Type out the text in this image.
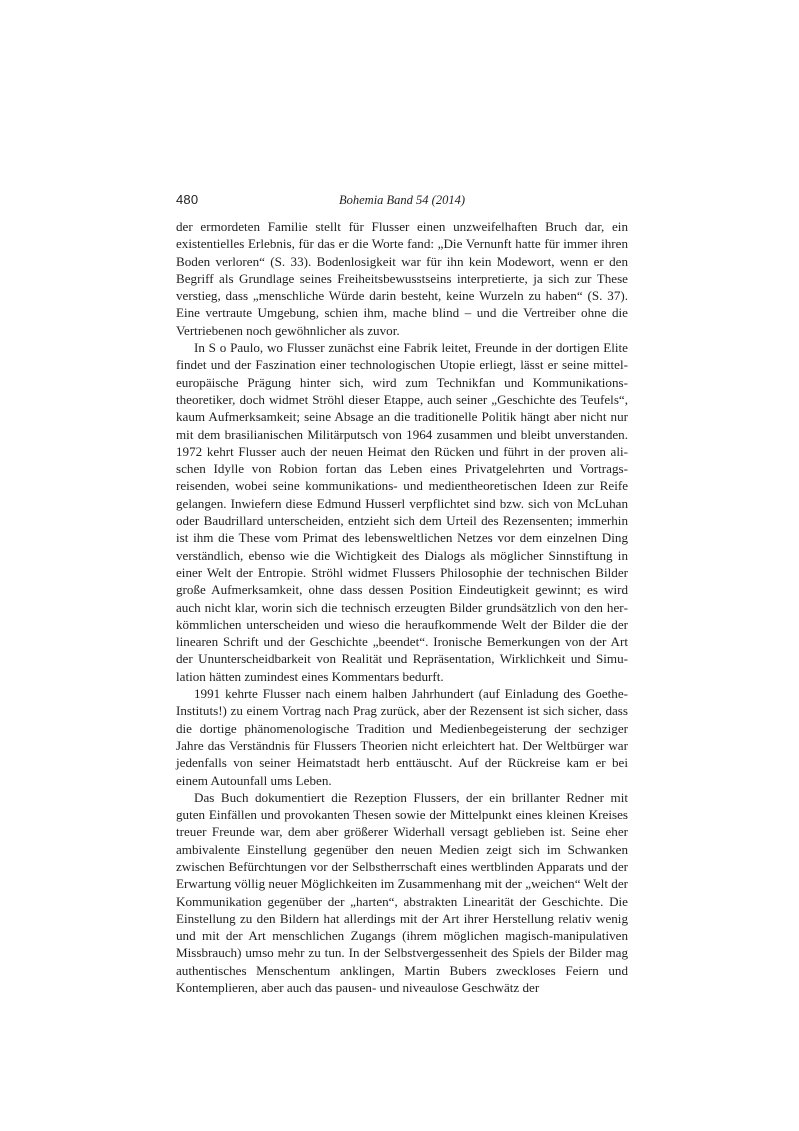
480	Bohemia Band 54 (2014)

der ermordeten Familie stellt für Flusser einen unzweifelhaften Bruch dar, ein existentielles Erlebnis, für das er die Worte fand: „Die Vernunft hatte für immer ihren Boden verloren“ (S. 33). Bodenlosigkeit war für ihn kein Modewort, wenn er den Begriff als Grundlage seines Freiheitsbewusstseins interpretierte, ja sich zur These verstieg, dass „menschliche Würde darin besteht, keine Wurzeln zu haben“ (S. 37). Eine vertraute Umgebung, schien ihm, mache blind – und die Vertreiber ohne die Vertriebenen noch gewöhnlicher als zuvor.

In S o Paulo, wo Flusser zunächst eine Fabrik leitet, Freunde in der dortigen Elite findet und der Faszination einer technologischen Utopie erliegt, lässt er seine mitteleuropäische Prägung hinter sich, wird zum Technikfan und Kommunikationstheoretiker, doch widmet Ströhl dieser Etappe, auch seiner „Geschichte des Teufels“, kaum Aufmerksamkeit; seine Absage an die traditionelle Politik hängt aber nicht nur mit dem brasilianischen Militärputsch von 1964 zusammen und bleibt unverstanden. 1972 kehrt Flusser auch der neuen Heimat den Rücken und führt in der proven alischen Idylle von Robion fortan das Leben eines Privatgelehrten und Vortragsreisenden, wobei seine kommunikations- und medientheoretischen Ideen zur Reife gelangen. Inwiefern diese Edmund Husserl verpflichtet sind bzw. sich von McLuhan oder Baudrillard unterscheiden, entzieht sich dem Urteil des Rezensenten; immerhin ist ihm die These vom Primat des lebensweltlichen Netzes vor dem einzelnen Ding verständlich, ebenso wie die Wichtigkeit des Dialogs als möglicher Sinnstiftung in einer Welt der Entropie. Ströhl widmet Flussers Philosophie der technischen Bilder große Aufmerksamkeit, ohne dass dessen Position Eindeutigkeit gewinnt; es wird auch nicht klar, worin sich die technisch erzeugten Bilder grundsätzlich von den herkömmlichen unterscheiden und wieso die heraufkommende Welt der Bilder die der linearen Schrift und der Geschichte „beendet“. Ironische Bemerkungen von der Art der Ununterscheidbarkeit von Realität und Repräsentation, Wirklichkeit und Simulation hätten zumindest eines Kommentars bedurft.

1991 kehrte Flusser nach einem halben Jahrhundert (auf Einladung des Goethe-Instituts!) zu einem Vortrag nach Prag zurück, aber der Rezensent ist sich sicher, dass die dortige phänomenologische Tradition und Medienbegeisterung der sechziger Jahre das Verständnis für Flussers Theorien nicht erleichtert hat. Der Weltbürger war jedenfalls von seiner Heimatstadt herb enttäuscht. Auf der Rückreise kam er bei einem Autounfall ums Leben.

Das Buch dokumentiert die Rezeption Flussers, der ein brillanter Redner mit guten Einfällen und provokanten Thesen sowie der Mittelpunkt eines kleinen Kreises treuer Freunde war, dem aber größerer Widerhall versagt geblieben ist. Seine eher ambivalente Einstellung gegenüber den neuen Medien zeigt sich im Schwanken zwischen Befürchtungen vor der Selbstherrschaft eines wertblinden Apparats und der Erwartung völlig neuer Möglichkeiten im Zusammenhang mit der „weichen“ Welt der Kommunikation gegenüber der „harten“, abstrakten Linearität der Geschichte. Die Einstellung zu den Bildern hat allerdings mit der Art ihrer Herstellung relativ wenig und mit der Art menschlichen Zugangs (ihrem möglichen magisch-manipulativen Missbrauch) umso mehr zu tun. In der Selbstvergessenheit des Spiels der Bilder mag authentisches Menschentum anklingen, Martin Bubers zweckloses Feiern und Kontemplieren, aber auch das pausen- und niveaulose Geschwätz der
